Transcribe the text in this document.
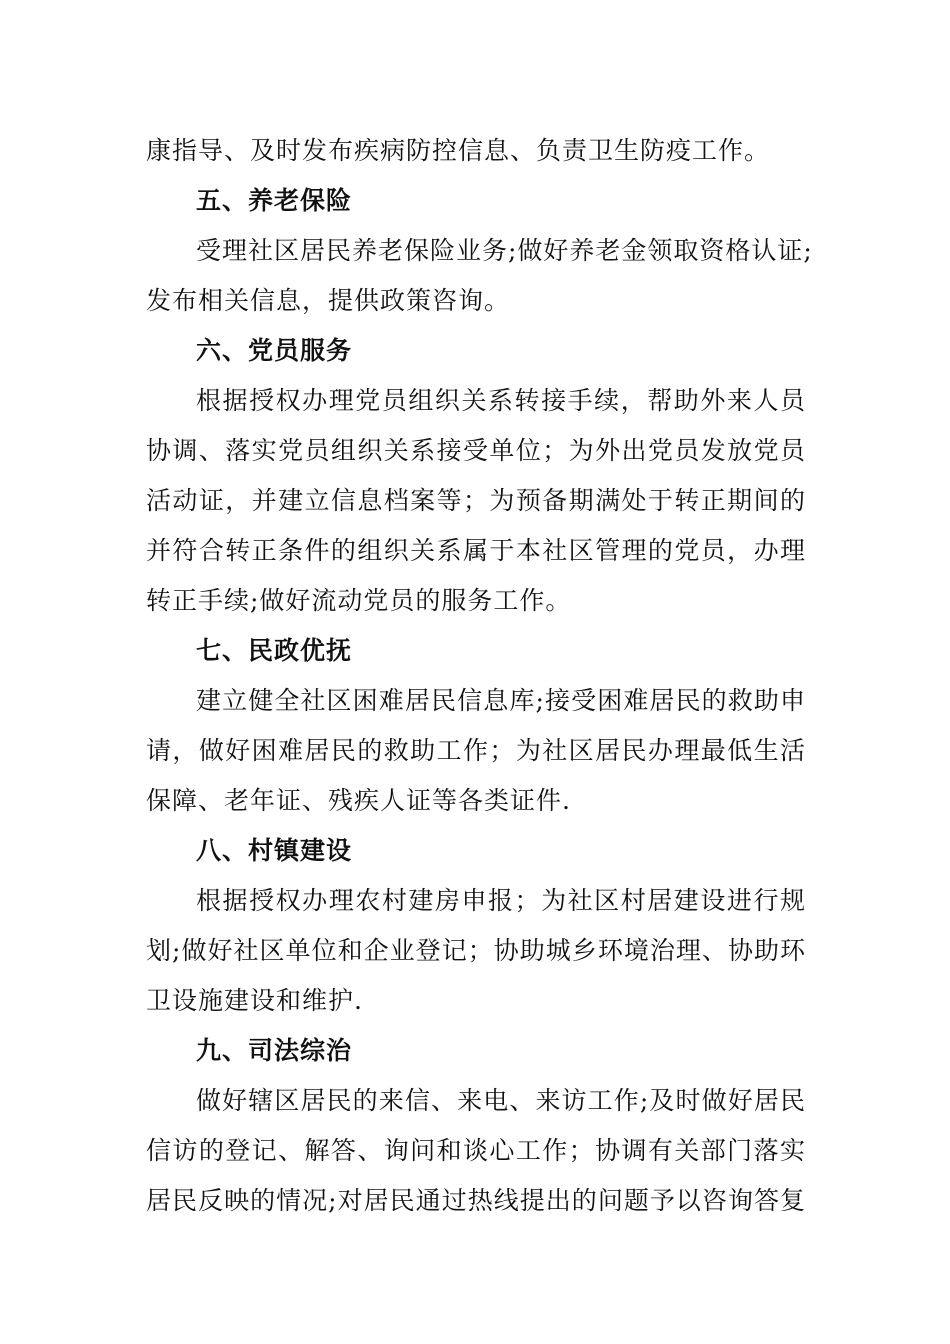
康指导、及时发布疾病防控信息、负责卫生防疫工作。
五、养老保险
受理社区居民养老保险业务;做好养老金领取资格认证;
发布相关信息，提供政策咨询。
六、党员服务
根据授权办理党员组织关系转接手续，帮助外来人员
协调、落实党员组织关系接受单位；为外出党员发放党员
活动证，并建立信息档案等；为预备期满处于转正期间的
并符合转正条件的组织关系属于本社区管理的党员，办理
转正手续;做好流动党员的服务工作。
七、民政优抚
建立健全社区困难居民信息库;接受困难居民的救助申
请，做好困难居民的救助工作；为社区居民办理最低生活
保障、老年证、残疾人证等各类证件.
八、村镇建设
根据授权办理农村建房申报；为社区村居建设进行规
划;做好社区单位和企业登记；协助城乡环境治理、协助环
卫设施建设和维护.
九、司法综治
做好辖区居民的来信、来电、来访工作;及时做好居民
信访的登记、解答、询问和谈心工作；协调有关部门落实
居民反映的情况;对居民通过热线提出的问题予以咨询答复
